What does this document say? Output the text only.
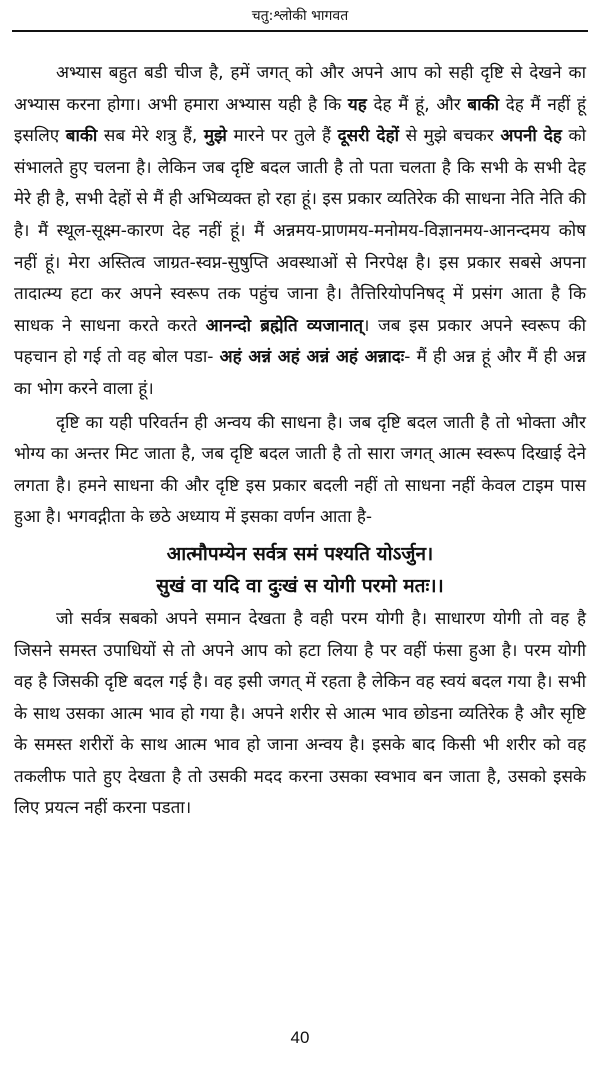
चतु:श्लोकी भागवत

अभ्यास बहुत बडी चीज है, हमें जगत् को और अपने आप को सही दृष्टि से देखने का अभ्यास करना होगा। अभी हमारा अभ्यास यही है कि यह देह मैं हूं, और बाकी देह मैं नहीं हूं इसलिए बाकी सब मेरे शत्रु हैं, मुझे मारने पर तुले हैं दूसरी देहों से मुझे बचकर अपनी देह को संभालते हुए चलना है। लेकिन जब दृष्टि बदल जाती है तो पता चलता है कि सभी के सभी देह मेरे ही है, सभी देहों से मैं ही अभिव्यक्त हो रहा हूं। इस प्रकार व्यतिरेक की साधना नेति नेति की है। मैं स्थूल-सूक्ष्म-कारण देह नहीं हूं। मैं अन्नमय-प्राणमय-मनोमय-विज्ञानमय-आनन्दमय कोष नहीं हूं। मेरा अस्तित्व जाग्रत-स्वप्न-सुषुप्ति अवस्थाओं से निरपेक्ष है। इस प्रकार सबसे अपना तादात्म्य हटा कर अपने स्वरूप तक पहुंच जाना है। तैत्तिरियोपनिषद् में प्रसंग आता है कि साधक ने साधना करते करते आनन्दो ब्रह्मेति व्यजानात्। जब इस प्रकार अपने स्वरूप की पहचान हो गई तो वह बोल पडा- अहं अन्नं अहं अन्नं अहं अन्नादः- मैं ही अन्न हूं और मैं ही अन्न का भोग करने वाला हूं।

दृष्टि का यही परिवर्तन ही अन्वय की साधना है। जब दृष्टि बदल जाती है तो भोक्ता और भोग्य का अन्तर मिट जाता है, जब दृष्टि बदल जाती है तो सारा जगत् आत्म स्वरूप दिखाई देने लगता है। हमने साधना की और दृष्टि इस प्रकार बदली नहीं तो साधना नहीं केवल टाइम पास हुआ है। भगवद्गीता के छठे अध्याय में इसका वर्णन आता है-

आत्मौपम्येन सर्वत्र समं पश्यति योऽर्जुन।
सुखं वा यदि वा दुःखं स योगी परमो मतः।।

जो सर्वत्र सबको अपने समान देखता है वही परम योगी है। साधारण योगी तो वह है जिसने समस्त उपाधियों से तो अपने आप को हटा लिया है पर वहीं फंसा हुआ है। परम योगी वह है जिसकी दृष्टि बदल गई है। वह इसी जगत् में रहता है लेकिन वह स्वयं बदल गया है। सभी के साथ उसका आत्म भाव हो गया है। अपने शरीर से आत्म भाव छोडना व्यतिरेक है और सृष्टि के समस्त शरीरों के साथ आत्म भाव हो जाना अन्वय है। इसके बाद किसी भी शरीर को वह तकलीफ पाते हुए देखता है तो उसकी मदद करना उसका स्वभाव बन जाता है, उसको इसके लिए प्रयत्न नहीं करना पडता।

40
